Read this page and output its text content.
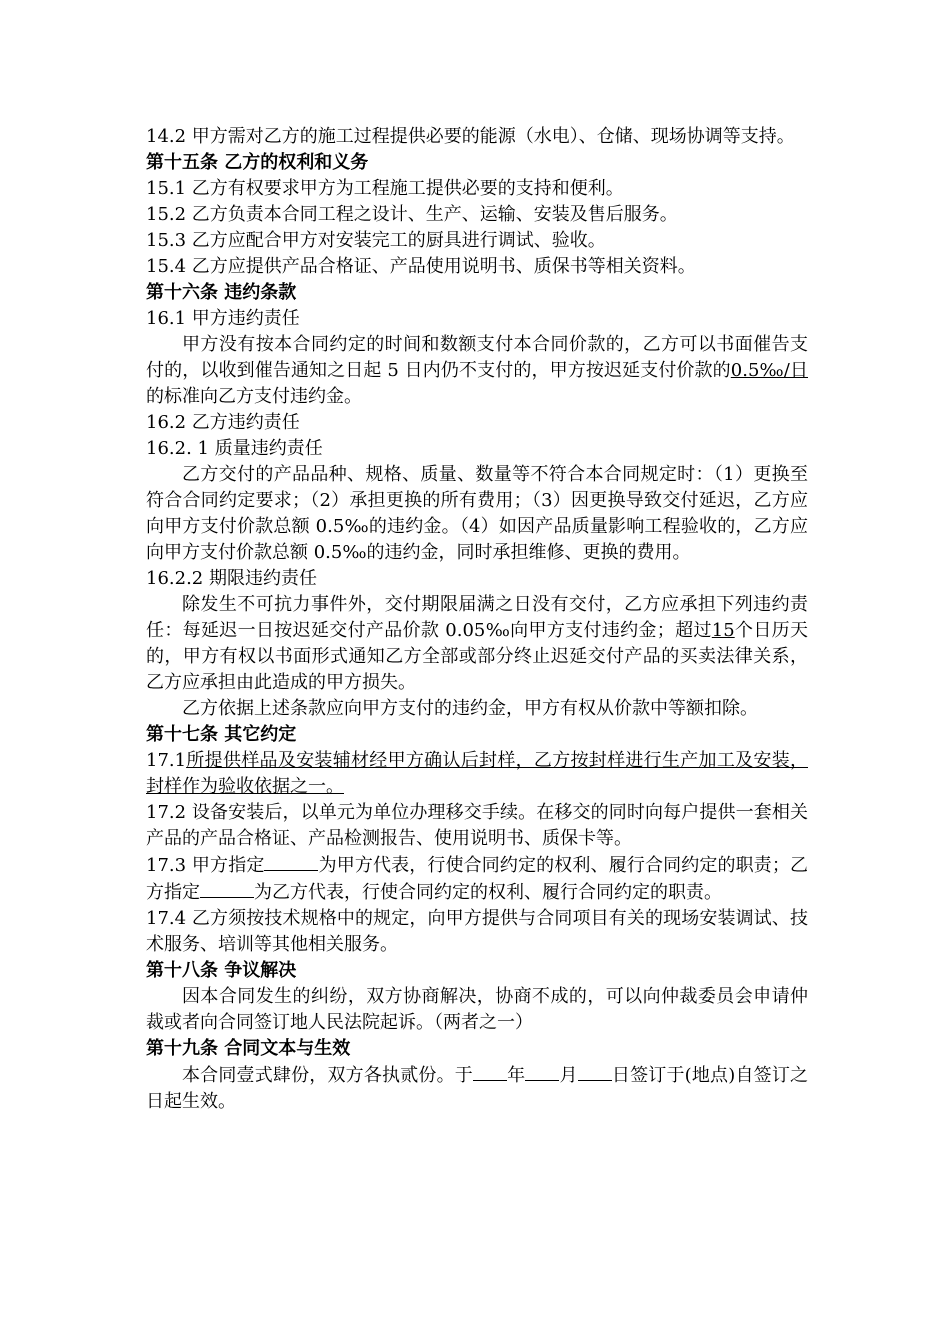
14.2 甲方需对乙方的施工过程提供必要的能源（水电）、仓储、现场协调等支持。

第十五条 乙方的权利和义务

15.1 乙方有权要求甲方为工程施工提供必要的支持和便利。

15.2 乙方负责本合同工程之设计、生产、运输、安装及售后服务。

15.3 乙方应配合甲方对安装完工的厨具进行调试、验收。

15.4 乙方应提供产品合格证、产品使用说明书、质保书等相关资料。

第十六条 违约条款

16.1 甲方违约责任

甲方没有按本合同约定的时间和数额支付本合同价款的，乙方可以书面催告支付的，以收到催告通知之日起 5 日内仍不支付的，甲方按迟延支付价款的0.5‰/日的标准向乙方支付违约金。

16.2 乙方违约责任

16.2. 1 质量违约责任

乙方交付的产品品种、规格、质量、数量等不符合本合同规定时：（1）更换至符合合同约定要求；（2）承担更换的所有费用；（3）因更换导致交付延迟，乙方应向甲方支付价款总额 0.5‰的违约金。（4）如因产品质量影响工程验收的，乙方应向甲方支付价款总额 0.5‰的违约金，同时承担维修、更换的费用。

16.2.2 期限违约责任

除发生不可抗力事件外，交付期限届满之日没有交付，乙方应承担下列违约责任：每延迟一日按迟延交付产品价款 0.05‰向甲方支付违约金；超过15个日历天的，甲方有权以书面形式通知乙方全部或部分终止迟延交付产品的买卖法律关系，乙方应承担由此造成的甲方损失。

乙方依据上述条款应向甲方支付的违约金，甲方有权从价款中等额扣除。

第十七条 其它约定

17.1所提供样品及安装辅材经甲方确认后封样，乙方按封样进行生产加工及安装，封样作为验收依据之一。

17.2 设备安装后，以单元为单位办理移交手续。在移交的同时向每户提供一套相关产品的产品合格证、产品检测报告、使用说明书、质保卡等。

17.3 甲方指定	为甲方代表，行使合同约定的权利、履行合同约定的职责；乙方指定	为乙方代表，行使合同约定的权利、履行合同约定的职责。

17.4 乙方须按技术规格中的规定，向甲方提供与合同项目有关的现场安装调试、技术服务、培训等其他相关服务。

第十八条 争议解决

因本合同发生的纠纷，双方协商解决，协商不成的，可以向仲裁委员会申请仲裁或者向合同签订地人民法院起诉。（两者之一）

第十九条 合同文本与生效

本合同壹式肆份，双方各执贰份。于 年 月 日签订于(地点)自签订之日起生效。
